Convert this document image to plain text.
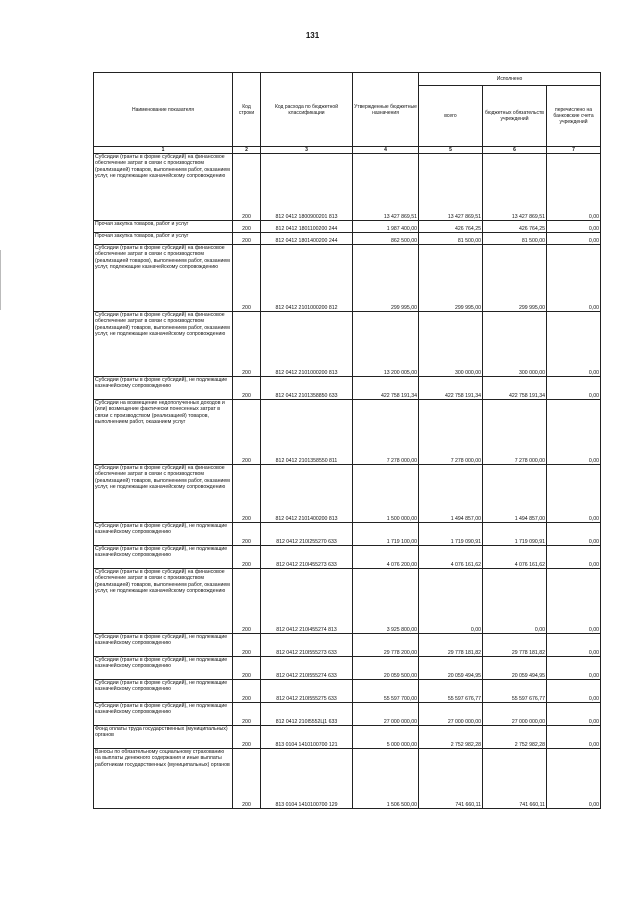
131
Наименование показателя	Код строки	Код расхода по бюджетной классификации	Утвержденные бюджетные назначения	Исполнено		
				всего	бюджетных обязательств учреждений	перечислено на банковские счета учреждений
1	2	3	4	5	6	7
Субсидии (гранты в форме субсидий) на финансовое обеспечение затрат в связи с производством (реализацией) товаров, выполнением работ, оказанием услуг, не подлежащие казначейскому сопровождению	200	812 0412 1800900201 813	13 427 869,51	13 427 869,51	13 427 869,51	0,00
Прочая закупка товаров, работ и услуг	200	812 0412 1801100200 244	1 987 400,00	426 764,25	426 764,25	0,00
Прочая закупка товаров, работ и услуг	200	812 0412 1801400200 244	862 500,00	81 500,00	81 500,00	0,00
Субсидии (гранты в форме субсидий) на финансовое обеспечение затрат в связи с производством (реализацией товаров), выполнением работ, оказанием услуг, подлежащие казначейскому сопровождению	200	812 0412 2101000200 812	299 995,00	299 995,00	299 995,00	0,00
Субсидии (гранты в форме субсидий) на финансовое обеспечение затрат в связи с производством (реализацией) товаров, выполнением работ, оказанием услуг, не подлежащие казначейскому сопровождению	200	812 0412 2101000200 813	13 200 005,00	300 000,00	300 000,00	0,00
Субсидии (гранты в форме субсидий), не подлежащие казначейскому сопровождению	200	812 0412 2101358850 633	422 758 191,34	422 758 191,34	422 758 191,34	0,00
Субсидии на возмещение недополученных доходов и (или) возмещение фактически понесенных затрат в связи с производством (реализацией) товаров, выполнением работ, оказанием услуг	200	812 0412 2101358550 811	7 278 000,00	7 278 000,00	7 278 000,00	0,00
Субсидии (гранты в форме субсидий) на финансовое обеспечение затрат в связи с производством (реализацией) товаров, выполнением работ, оказанием услуг, не подлежащие казначейскому сопровождению	200	812 0412 2101400200 813	1 500 000,00	1 494 857,00	1 494 857,00	0,00
Субсидии (гранты в форме субсидий), не подлежащие казначейскому сопровождению	200	812 0412 210I255270 633	1 719 100,00	1 719 090,91	1 719 090,91	0,00
Субсидии (гранты в форме субсидий), не подлежащие казначейскому сопровождению	200	812 0412 210I455273 633	4 076 200,00	4 076 161,62	4 076 161,62	0,00
Субсидии (гранты в форме субсидий) на финансовое обеспечение затрат в связи с производством (реализацией) товаров, выполнением работ, оказанием услуг, не подлежащие казначейскому сопровождению	200	812 0412 210I455274 813	3 925 800,00	0,00	0,00	0,00
Субсидии (гранты в форме субсидий), не подлежащие казначейскому сопровождению	200	812 0412 210I555273 633	29 778 200,00	29 778 181,82	29 778 181,82	0,00
Субсидии (гранты в форме субсидий), не подлежащие казначейскому сопровождению	200	812 0412 210I555274 633	20 059 500,00	20 059 494,95	20 059 494,95	0,00
Субсидии (гранты в форме субсидий), не подлежащие казначейскому сопровождению	200	812 0412 210I555275 633	55 597 700,00	55 597 676,77	55 597 676,77	0,00
Субсидии (гранты в форме субсидий), не подлежащие казначейскому сопровождению	200	812 0412 210I5552Ц1 633	27 000 000,00	27 000 000,00	27 000 000,00	0,00
Фонд оплаты труда государственных (муниципальных) органов	200	813 0104 1410100700 121	5 000 000,00	2 752 982,28	2 752 982,28	0,00
Взносы по обязательному социальному страхованию на выплаты денежного содержания и иные выплаты работникам государственных (муниципальных) органов	200	813 0104 1410100700 129	1 506 500,00	741 660,11	741 660,11	0,00
